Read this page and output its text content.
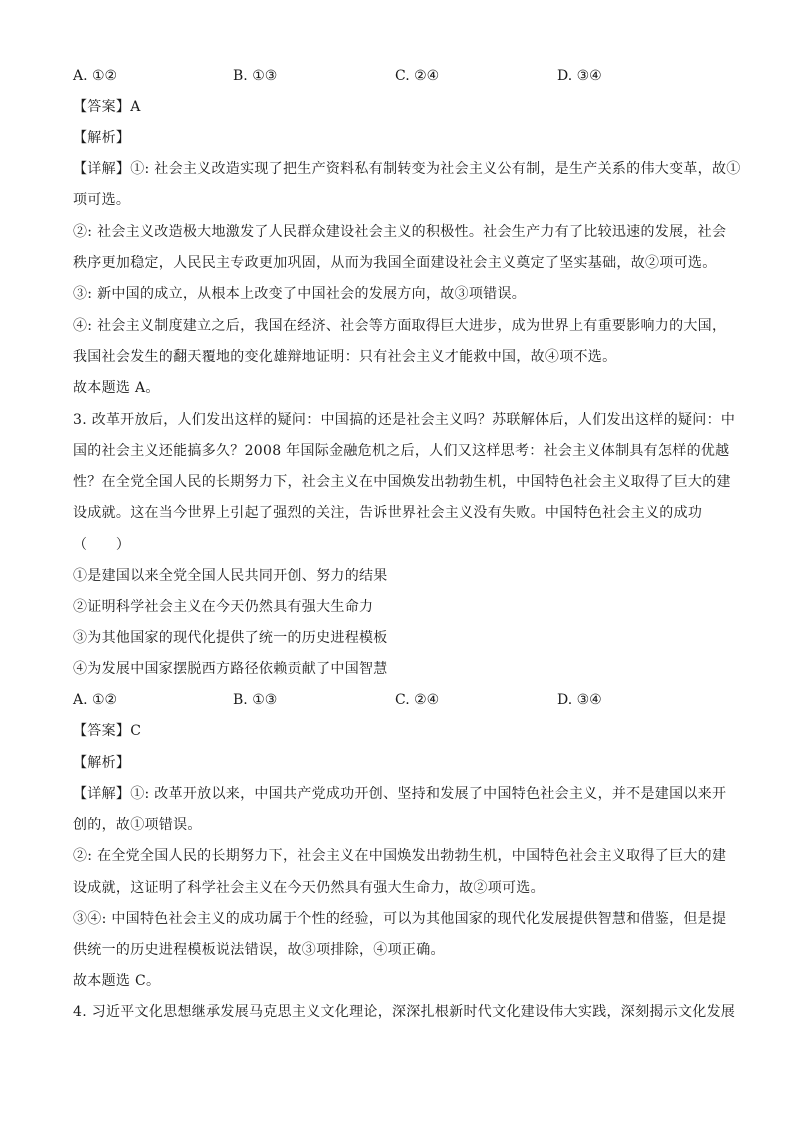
A. ①②	B. ①③	C. ②④	D. ③④
【答案】A
【解析】
【详解】①: 社会主义改造实现了把生产资料私有制转变为社会主义公有制，是生产关系的伟大变革，故①
项可选。
②: 社会主义改造极大地激发了人民群众建设社会主义的积极性。社会生产力有了比较迅速的发展，社会
秩序更加稳定，人民民主专政更加巩固，从而为我国全面建设社会主义奠定了坚实基础，故②项可选。
③: 新中国的成立，从根本上改变了中国社会的发展方向，故③项错误。
④: 社会主义制度建立之后，我国在经济、社会等方面取得巨大进步，成为世界上有重要影响力的大国，
我国社会发生的翻天覆地的变化雄辩地证明：只有社会主义才能救中国，故④项不选。
故本题选 A。
3. 改革开放后，人们发出这样的疑问：中国搞的还是社会主义吗？苏联解体后，人们发出这样的疑问：中
国的社会主义还能搞多久？2008 年国际金融危机之后，人们又这样思考：社会主义体制具有怎样的优越
性？在全党全国人民的长期努力下，社会主义在中国焕发出勃勃生机，中国特色社会主义取得了巨大的建
设成就。这在当今世界上引起了强烈的关注，告诉世界社会主义没有失败。中国特色社会主义的成功
（　　）
①是建国以来全党全国人民共同开创、努力的结果
②证明科学社会主义在今天仍然具有强大生命力
③为其他国家的现代化提供了统一的历史进程模板
④为发展中国家摆脱西方路径依赖贡献了中国智慧
A. ①②	B. ①③	C. ②④	D. ③④
【答案】C
【解析】
【详解】①: 改革开放以来，中国共产党成功开创、坚持和发展了中国特色社会主义，并不是建国以来开
创的，故①项错误。
②: 在全党全国人民的长期努力下，社会主义在中国焕发出勃勃生机，中国特色社会主义取得了巨大的建
设成就，这证明了科学社会主义在今天仍然具有强大生命力，故②项可选。
③④: 中国特色社会主义的成功属于个性的经验，可以为其他国家的现代化发展提供智慧和借鉴，但是提
供统一的历史进程模板说法错误，故③项排除，④项正确。
故本题选 C。
4. 习近平文化思想继承发展马克思主义文化理论，深深扎根新时代文化建设伟大实践，深刻揭示文化发展
